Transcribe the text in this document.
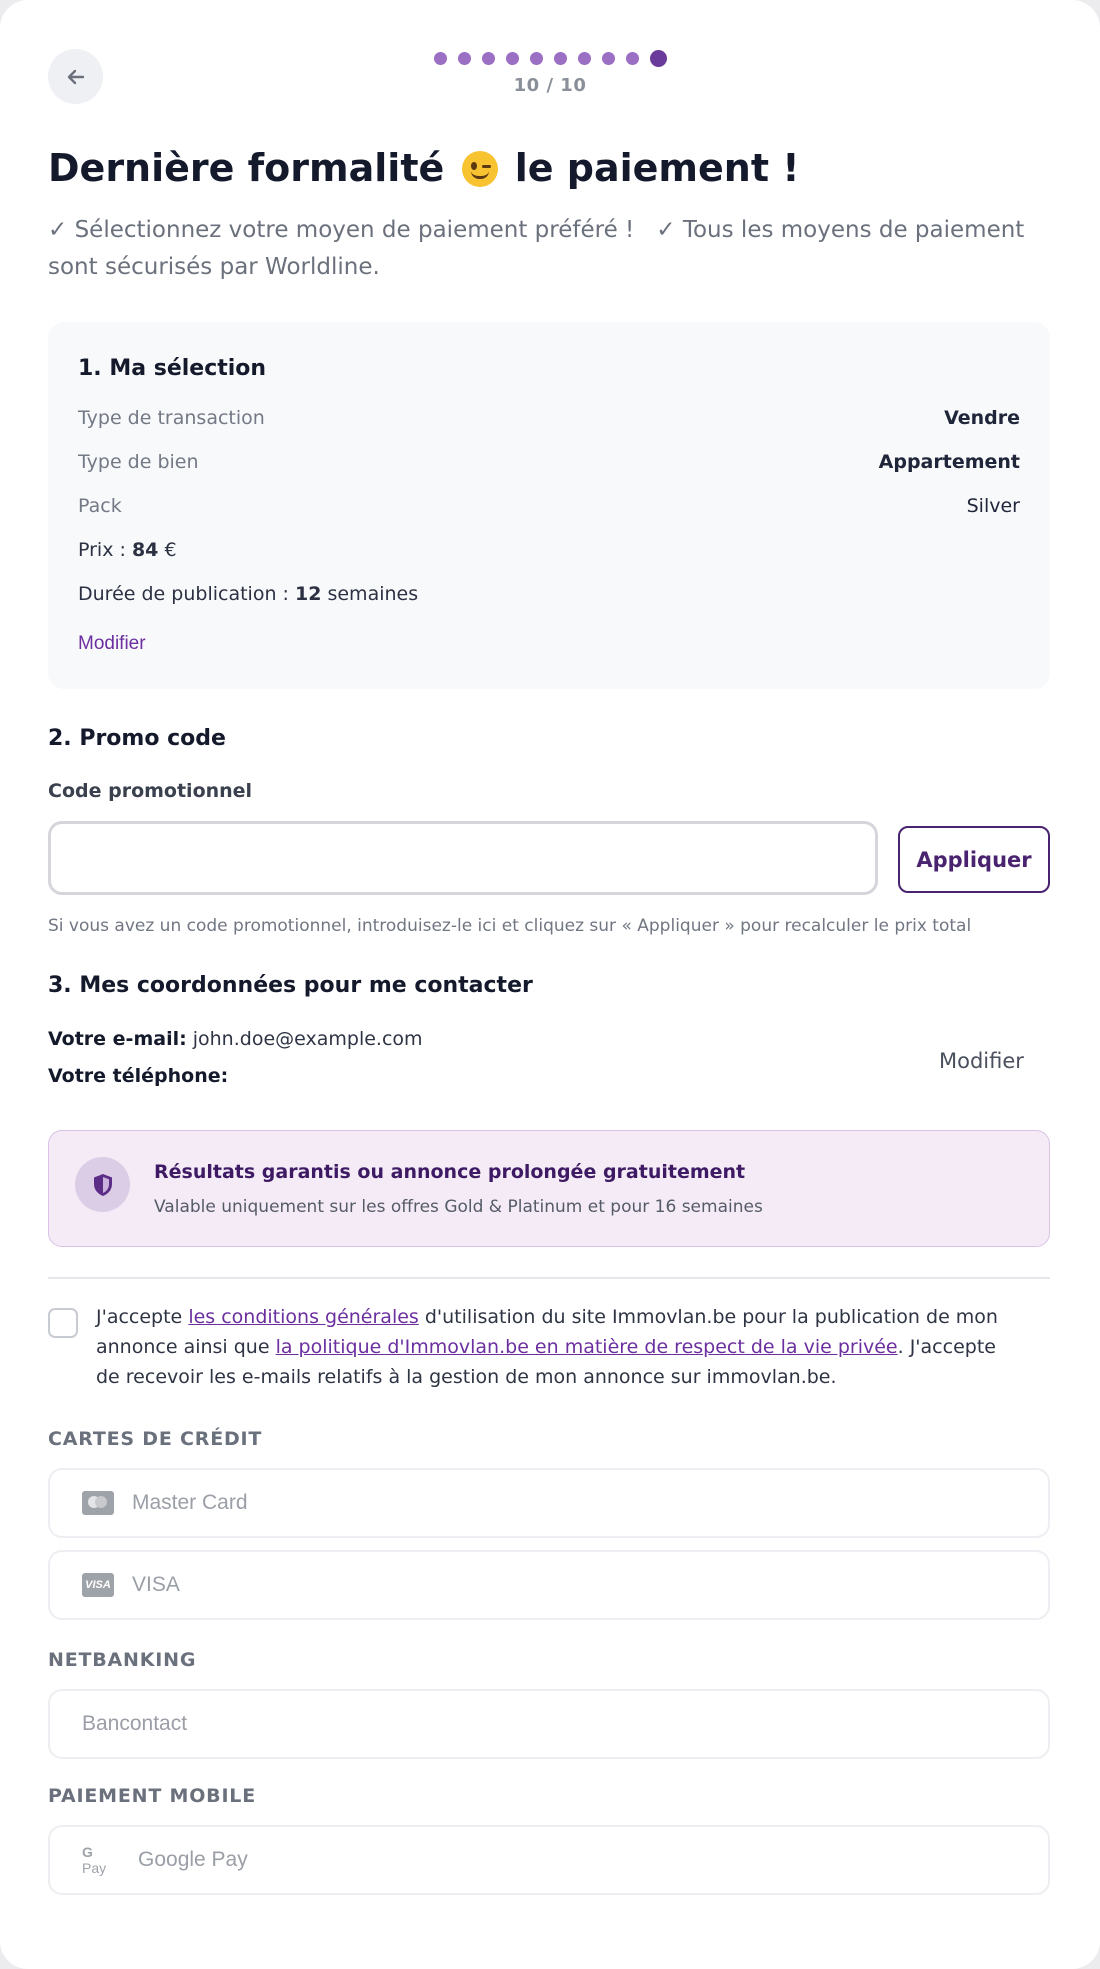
10 / 10
Dernière formalité le paiement !
✓ Sélectionnez votre moyen de paiement préféré ! ✓ Tous les moyens de paiement sont sécurisés par Worldline.
1. Ma sélection
Type de transaction	Vendre
Type de bien	Appartement
Pack	Silver
Prix : 84 €
Durée de publication : 12 semaines
Modifier
2. Promo code
Code promotionnel
Appliquer
Si vous avez un code promotionnel, introduisez-le ici et cliquez sur « Appliquer » pour recalculer le prix total
3. Mes coordonnées pour me contacter
Votre e-mail: john.doe@example.com
Votre téléphone:
Modifier
Résultats garantis ou annonce prolongée gratuitement
Valable uniquement sur les offres Gold & Platinum et pour 16 semaines
J'accepte les conditions générales d'utilisation du site Immovlan.be pour la publication de mon annonce ainsi que la politique d'Immovlan.be en matière de respect de la vie privée. J'accepte de recevoir les e-mails relatifs à la gestion de mon annonce sur immovlan.be.
CARTES DE CRÉDIT
Master Card
VISA VISA
NETBANKING
Bancontact
PAIEMENT MOBILE
G Pay	Google Pay
